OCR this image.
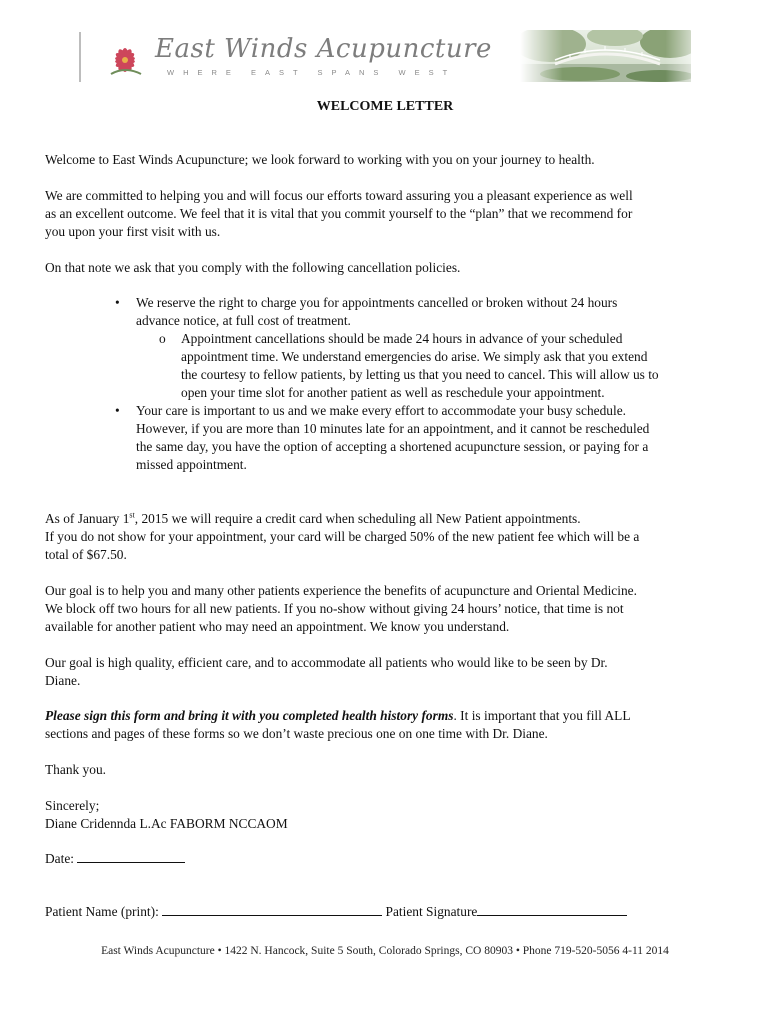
East Winds Acupuncture
WHERE EAST SPANS WEST
WELCOME LETTER

Welcome to East Winds Acupuncture; we look forward to working with you on your journey to health.

We are committed to helping you and will focus our efforts toward assuring you a pleasant experience as well
as an excellent outcome. We feel that it is vital that you commit yourself to the “plan” that we recommend for
you upon your first visit with us.

On that note we ask that you comply with the following cancellation policies.

• We reserve the right to charge you for appointments cancelled or broken without 24 hours
advance notice, at full cost of treatment.
o Appointment cancellations should be made 24 hours in advance of your scheduled
appointment time. We understand emergencies do arise. We simply ask that you extend
the courtesy to fellow patients, by letting us that you need to cancel. This will allow us to
open your time slot for another patient as well as reschedule your appointment.
• Your care is important to us and we make every effort to accommodate your busy schedule.
However, if you are more than 10 minutes late for an appointment, and it cannot be rescheduled
the same day, you have the option of accepting a shortened acupuncture session, or paying for a
missed appointment.

As of January 1st, 2015 we will require a credit card when scheduling all New Patient appointments.
If you do not show for your appointment, your card will be charged 50% of the new patient fee which will be a
total of $67.50.

Our goal is to help you and many other patients experience the benefits of acupuncture and Oriental Medicine.
We block off two hours for all new patients. If you no-show without giving 24 hours’ notice, that time is not
available for another patient who may need an appointment. We know you understand.

Our goal is high quality, efficient care, and to accommodate all patients who would like to be seen by Dr.
Diane.

Please sign this form and bring it with you completed health history forms. It is important that you fill ALL
sections and pages of these forms so we don’t waste precious one on one time with Dr. Diane.

Thank you.

Sincerely;
Diane Cridennda L.Ac FABORM NCCAOM

Date:

Patient Name (print):	Patient Signature

East Winds Acupuncture • 1422 N. Hancock, Suite 5 South, Colorado Springs, CO 80903 • Phone 719-520-5056 4-11 2014
